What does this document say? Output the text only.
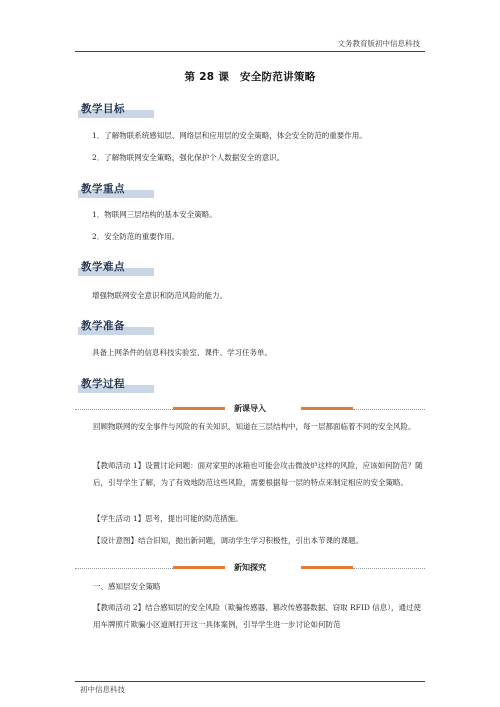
文务教育版初中信息科技
第 28 课　安全防范讲策略
教学目标
1．了解物联系统感知层、网络层和应用层的安全策略，体会安全防范的重要作用。
2．了解物联网安全策略，强化保护个人数据安全的意识。
教学重点
1．物联网三层结构的基本安全策略。
2．安全防范的重要作用。
教学难点
增强物联网安全意识和防范风险的能力。
教学准备
具备上网条件的信息科技实验室、课件、学习任务单。
教学过程
新课导入
回顾物联网的安全事件与风险的有关知识，知道在三层结构中，每一层都面临着不同的安全风险。
【教师活动 1】设置讨论问题：面对家里的冰箱也可能会攻击微波炉这样的风险，应该如何防范？随后，引导学生了解，为了有效地防范这些风险，需要根据每一层的特点来制定相应的安全策略。
【学生活动 1】思考，提出可能的防范措施。
【设计意图】结合旧知，抛出新问题，调动学生学习积极性，引出本节课的课题。
新知探究
一、感知层安全策略
【教师活动 2】结合感知层的安全风险（欺骗传感器、篡改传感器数据、窃取 RFID 信息），通过使用车牌照片欺骗小区道闸打开这一具体案例，引导学生进一步讨论如何防范
初中信息科技
